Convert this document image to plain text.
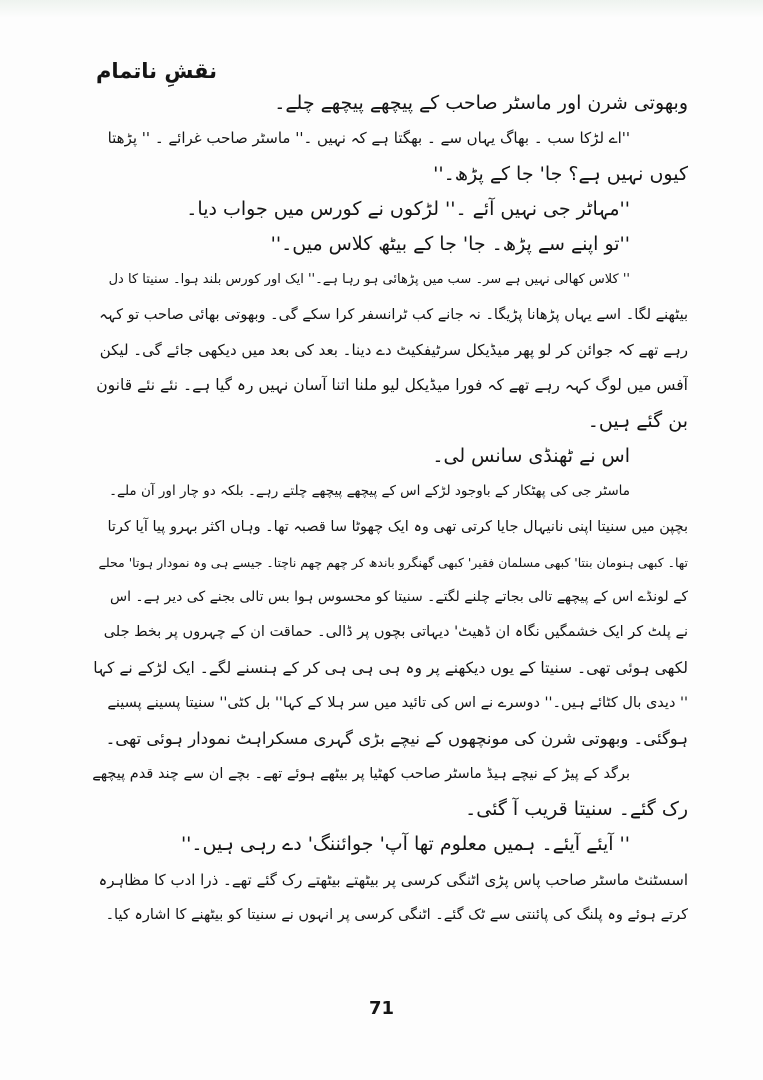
نقشِ ناتمام
وبھوتی شرن اور ماسٹر صاحب کے پیچھے پیچھے چلے۔
''اے لڑکا سب ۔ بھاگ یہاں سے ۔ بھگتا ہے کہ نہیں ۔'' ماسٹر صاحب غرائے ۔ '' پڑھتا
کیوں نہیں ہے؟ جا' جا کے پڑھ۔''
''مہاٹر جی نہیں آئے ۔'' لڑکوں نے کورس میں جواب دیا۔
''تو اپنے سے پڑھ۔ جا' جا کے بیٹھ کلاس میں۔''
'' کلاس کھالی نہیں ہے سر۔ سب میں پڑھائی ہو رہا ہے۔'' ایک اور کورس بلند ہوا۔ سنیتا کا دل
بیٹھنے لگا۔ اسے یہاں پڑھانا پڑیگا۔ نہ جانے کب ٹرانسفر کرا سکے گی۔ وبھوتی بھائی صاحب تو کہہ
رہے تھے کہ جوائن کر لو پھر میڈیکل سرٹیفکیٹ دے دینا۔ بعد کی بعد میں دیکھی جائے گی۔ لیکن
آفس میں لوگ کہہ رہے تھے کہ فورا میڈیکل لیو ملنا اتنا آسان نہیں رہ گیا ہے۔ نئے نئے قانون
بن گئے ہیں۔
اس نے ٹھنڈی سانس لی۔
ماسٹر جی کی پھٹکار کے باوجود لڑکے اس کے پیچھے پیچھے چلتے رہے۔ بلکہ دو چار اور آن ملے۔
بچپن میں سنیتا اپنی نانیہال جایا کرتی تھی وہ ایک چھوٹا سا قصبہ تھا۔ وہاں اکثر بہرو پیا آیا کرتا
تھا۔ کبھی ہنومان بنتا' کبھی مسلمان فقیر' کبھی گھنگرو باندھ کر چھم چھم ناچتا۔ جیسے ہی وہ نمودار ہوتا' محلے
کے لونڈے اس کے پیچھے تالی بجاتے چلنے لگتے۔ سنیتا کو محسوس ہوا بس تالی بجنے کی دیر ہے۔ اس
نے پلٹ کر ایک خشمگیں نگاہ ان ڈھیٹ' دیہاتی بچوں پر ڈالی۔ حماقت ان کے چہروں پر بخط جلی
لکھی ہوئی تھی۔ سنیتا کے یوں دیکھنے پر وہ ہی ہی ہی کر کے ہنسنے لگے۔ ایک لڑکے نے کہا
'' دیدی بال کٹائے ہیں۔'' دوسرے نے اس کی تائید میں سر ہلا کے کہا'' بل کٹی'' سنیتا پسینے پسینے
ہوگئی۔ وبھوتی شرن کی مونچھوں کے نیچے بڑی گہری مسکراہٹ نمودار ہوئی تھی۔
برگد کے پیڑ کے نیچے ہیڈ ماسٹر صاحب کھٹیا پر بیٹھے ہوئے تھے۔ بچے ان سے چند قدم پیچھے
رک گئے۔ سنیتا قریب آ گئی۔
'' آیئے آیئے۔ ہمیں معلوم تھا آپ' جوائننگ' دے رہی ہیں۔''
اسسٹنٹ ماسٹر صاحب پاس پڑی اٹنگی کرسی پر بیٹھتے بیٹھتے رک گئے تھے۔ ذرا ادب کا مظاہرہ
کرتے ہوئے وہ پلنگ کی پائنتی سے ٹک گئے۔ اٹنگی کرسی پر انہوں نے سنیتا کو بیٹھنے کا اشارہ کیا۔
71
